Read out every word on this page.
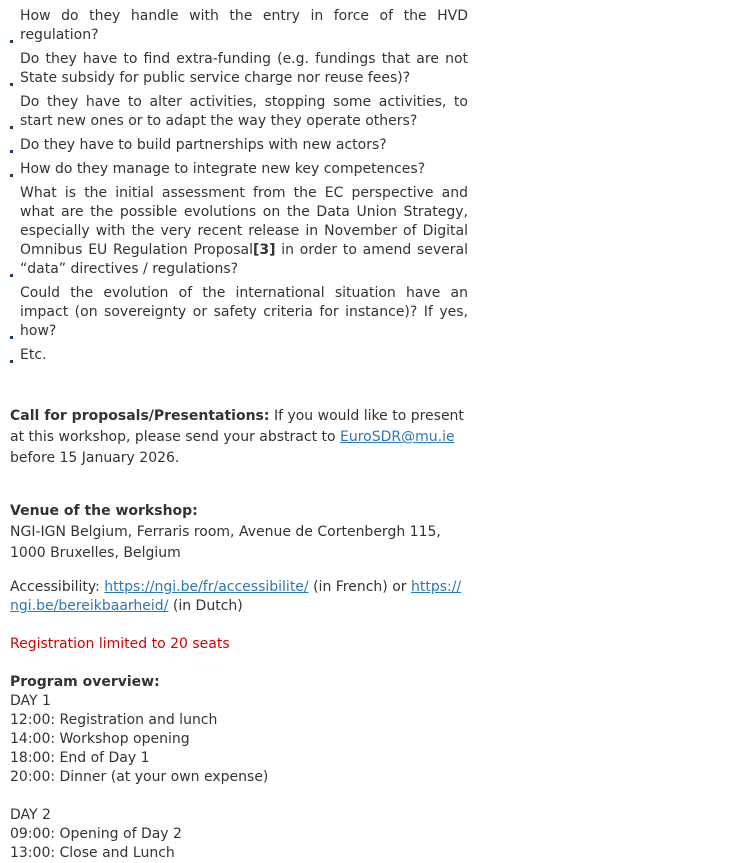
How do they handle with the entry in force of the HVD regulation?
Do they have to find extra-funding (e.g. fundings that are not State subsidy for public service charge nor reuse fees)?
Do they have to alter activities, stopping some activities, to start new ones or to adapt the way they operate others?
Do they have to build partnerships with new actors?
How do they manage to integrate new key competences?
What is the initial assessment from the EC perspective and what are the possible evolutions on the Data Union Strategy, especially with the very recent release in November of Digital Omnibus EU Regulation Proposal[3] in order to amend several “data” directives / regulations?
Could the evolution of the international situation have an impact (on sovereignty or safety criteria for instance)? If yes, how?
Etc.

Call for proposals/Presentations: If you would like to present at this workshop, please send your abstract to EuroSDR@mu.ie before 15 January 2026.

Venue of the workshop:
NGI-IGN Belgium, Ferraris room, Avenue de Cortenbergh 115, 1000 Bruxelles, Belgium

Accessibility: https://ngi.be/fr/accessibilite/ (in French) or https://​ngi.be/bereikbaarheid/ (in Dutch)

Registration limited to 20 seats

Program overview:

DAY 1

12:00: Registration and lunch

14:00: Workshop opening

18:00: End of Day 1

20:00: Dinner (at your own expense)

DAY 2

09:00: Opening of Day 2

13:00: Close and Lunch
